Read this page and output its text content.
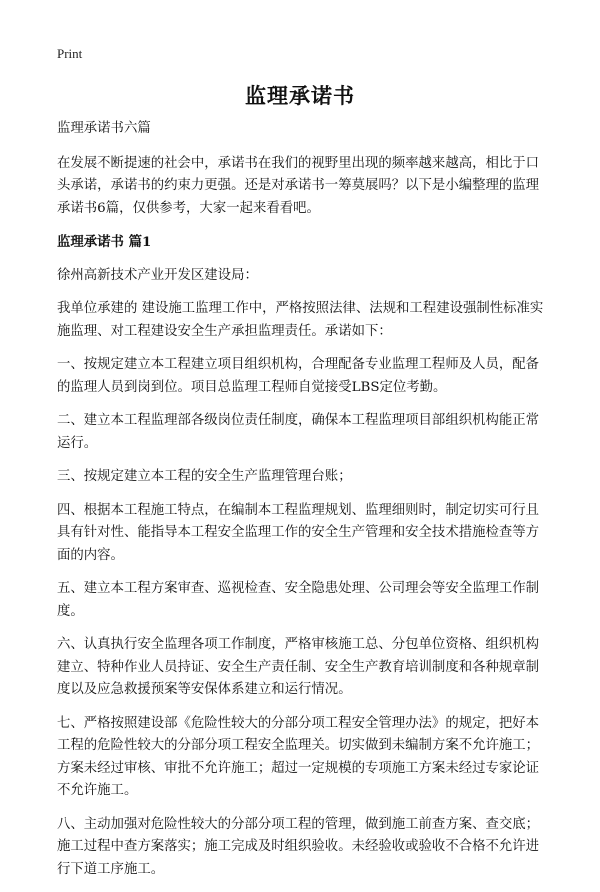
Print
监理承诺书

监理承诺书六篇

在发展不断提速的社会中，承诺书在我们的视野里出现的频率越来越高，相比于口头承诺，承诺书的约束力更强。还是对承诺书一筹莫展吗？以下是小编整理的监理承诺书6篇，仅供参考，大家一起来看看吧。

监理承诺书 篇1

徐州高新技术产业开发区建设局：

我单位承建的 建设施工监理工作中，严格按照法律、法规和工程建设强制性标准实施监理、对工程建设安全生产承担监理责任。承诺如下：

一、按规定建立本工程建立项目组织机构，合理配备专业监理工程师及人员，配备的监理人员到岗到位。项目总监理工程师自觉接受LBS定位考勤。

二、建立本工程监理部各级岗位责任制度，确保本工程监理项目部组织机构能正常运行。

三、按规定建立本工程的安全生产监理管理台账；

四、根据本工程施工特点，在编制本工程监理规划、监理细则时，制定切实可行且具有针对性、能指导本工程安全监理工作的安全生产管理和安全技术措施检查等方面的内容。

五、建立本工程方案审查、巡视检查、安全隐患处理、公司理会等安全监理工作制度。

六、认真执行安全监理各项工作制度，严格审核施工总、分包单位资格、组织机构建立、特种作业人员持证、安全生产责任制、安全生产教育培训制度和各种规章制度以及应急救援预案等安保体系建立和运行情况。

七、严格按照建设部《危险性较大的分部分项工程安全管理办法》的规定，把好本工程的危险性较大的分部分项工程安全监理关。切实做到未编制方案不允许施工；方案未经过审核、审批不允许施工；超过一定规模的专项施工方案未经过专家论证不允许施工。

八、主动加强对危险性较大的分部分项工程的管理，做到施工前查方案、查交底；施工过程中查方案落实；施工完成及时组织验收。未经验收或验收不合格不允许进行下道工序施工。
